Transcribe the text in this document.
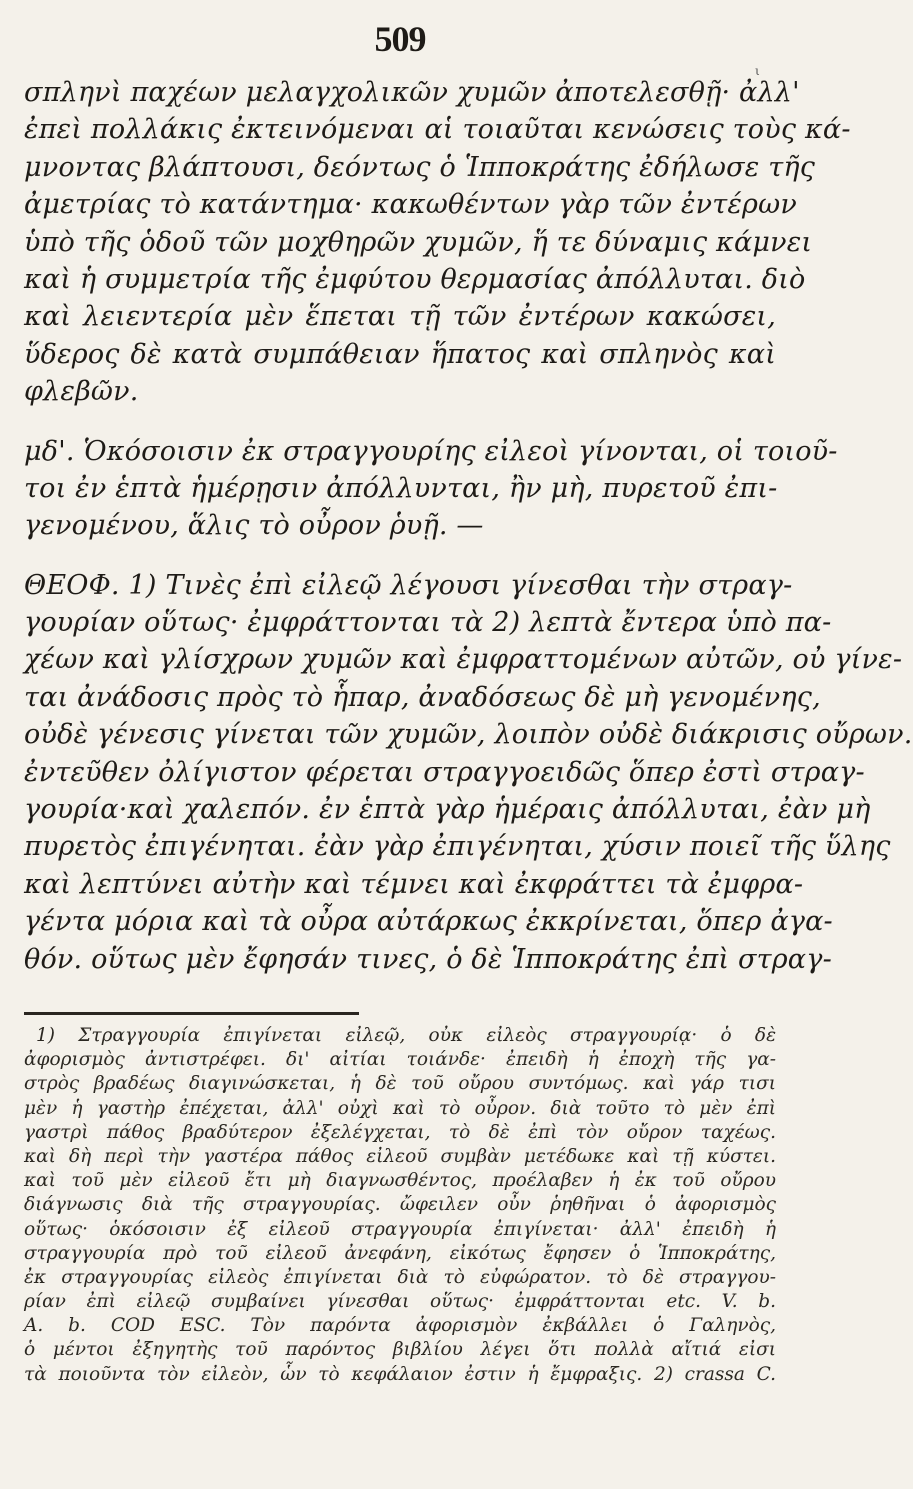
509
ι
σπληνὶ παχέων μελαγχολικῶν χυμῶν ἀποτελεσθῇ· ἀλλ'
ἐπεὶ πολλάκις ἐκτεινόμεναι αἱ τοιαῦται κενώσεις τοὺς κά-
μνοντας βλάπτουσι, δεόντως ὁ Ἱπποκράτης ἐδήλωσε τῆς
ἀμετρίας τὸ κατάντημα· κακωθέντων γὰρ τῶν ἐντέρων
ὑπὸ τῆς ὁδοῦ τῶν μοχθηρῶν χυμῶν, ἥ τε δύναμις κάμνει
καὶ ἡ συμμετρία τῆς ἐμφύτου θερμασίας ἀπόλλυται. διὸ
καὶ λειεντερία μὲν ἕπεται τῇ τῶν ἐντέρων κακώσει,
ὕδερος δὲ κατὰ συμπάθειαν ἥπατος καὶ σπληνὸς καὶ
φλεβῶν.
μδ'. Ὁκόσοισιν ἐκ στραγγουρίης εἰλεοὶ γίνονται, οἱ τοιοῦ-
τοι ἐν ἑπτὰ ἡμέρῃσιν ἀπόλλυνται, ἢν μὴ, πυρετοῦ ἐπι-
γενομένου, ἅλις τὸ οὖρον ῥυῇ. —
ΘΕΟΦ. 1) Τινὲς ἐπὶ εἰλεῷ λέγουσι γίνεσθαι τὴν στραγ-
γουρίαν οὕτως· ἐμφράττονται τὰ 2) λεπτὰ ἔντερα ὑπὸ πα-
χέων καὶ γλίσχρων χυμῶν καὶ ἐμφραττομένων αὐτῶν, οὐ γίνε-
ται ἀνάδοσις πρὸς τὸ ἧπαρ, ἀναδόσεως δὲ μὴ γενομένης,
οὐδὲ γένεσις γίνεται τῶν χυμῶν, λοιπὸν οὐδὲ διάκρισις οὔρων.
ἐντεῦθεν ὀλίγιστον φέρεται στραγγοειδῶς ὅπερ ἐστὶ στραγ-
γουρία·καὶ χαλεπόν. ἐν ἑπτὰ γὰρ ἡμέραις ἀπόλλυται, ἐὰν μὴ
πυρετὸς ἐπιγένηται. ἐὰν γὰρ ἐπιγένηται, χύσιν ποιεῖ τῆς ὕλης
καὶ λεπτύνει αὐτὴν καὶ τέμνει καὶ ἐκφράττει τὰ ἐμφρα-
γέντα μόρια καὶ τὰ οὖρα αὐτάρκως ἐκκρίνεται, ὅπερ ἀγα-
θόν. οὕτως μὲν ἔφησάν τινες, ὁ δὲ Ἱπποκράτης ἐπὶ στραγ-
1) Στραγγουρία ἐπιγίνεται εἰλεῷ, οὐκ εἰλεὸς στραγγουρίᾳ· ὁ δὲ
ἀφορισμὸς ἀντιστρέφει. δι' αἰτίαι τοιάνδε· ἐπειδὴ ἡ ἐποχὴ τῆς γα-
στρὸς βραδέως διαγινώσκεται, ἡ δὲ τοῦ οὔρου συντόμως. καὶ γάρ τισι
μὲν ἡ γαστὴρ ἐπέχεται, ἀλλ' οὐχὶ καὶ τὸ οὖρον. διὰ τοῦτο τὸ μὲν ἐπὶ
γαστρὶ πάθος βραδύτερον ἐξελέγχεται, τὸ δὲ ἐπὶ τὸν οὔρον ταχέως.
καὶ δὴ περὶ τὴν γαστέρα πάθος εἰλεοῦ συμβὰν μετέδωκε καὶ τῇ κύστει.
καὶ τοῦ μὲν εἰλεοῦ ἔτι μὴ διαγνωσθέντος, προέλαβεν ἡ ἐκ τοῦ οὔρου
διάγνωσις διὰ τῆς στραγγουρίας. ὤφειλεν οὖν ῥηθῆναι ὁ ἀφορισμὸς
οὕτως· ὁκόσοισιν ἐξ εἰλεοῦ στραγγουρία ἐπιγίνεται· ἀλλ' ἐπειδὴ ἡ
στραγγουρία πρὸ τοῦ εἰλεοῦ ἀνεφάνη, εἰκότως ἔφησεν ὁ Ἱπποκράτης,
ἐκ στραγγουρίας εἰλεὸς ἐπιγίνεται διὰ τὸ εὐφώρατον. τὸ δὲ στραγγου-
ρίαν ἐπὶ εἰλεῷ συμβαίνει γίνεσθαι οὕτως· ἐμφράττονται etc. V. b.
A. b. COD ESC. Τὸν παρόντα ἀφορισμὸν ἐκβάλλει ὁ Γαληνὸς,
ὁ μέντοι ἐξηγητὴς τοῦ παρόντος βιβλίου λέγει ὅτι πολλὰ αἴτιά εἰσι
τὰ ποιοῦντα τὸν εἰλεὸν, ὧν τὸ κεφάλαιον ἐστιν ἡ ἔμφραξις. 2) crassa C.
